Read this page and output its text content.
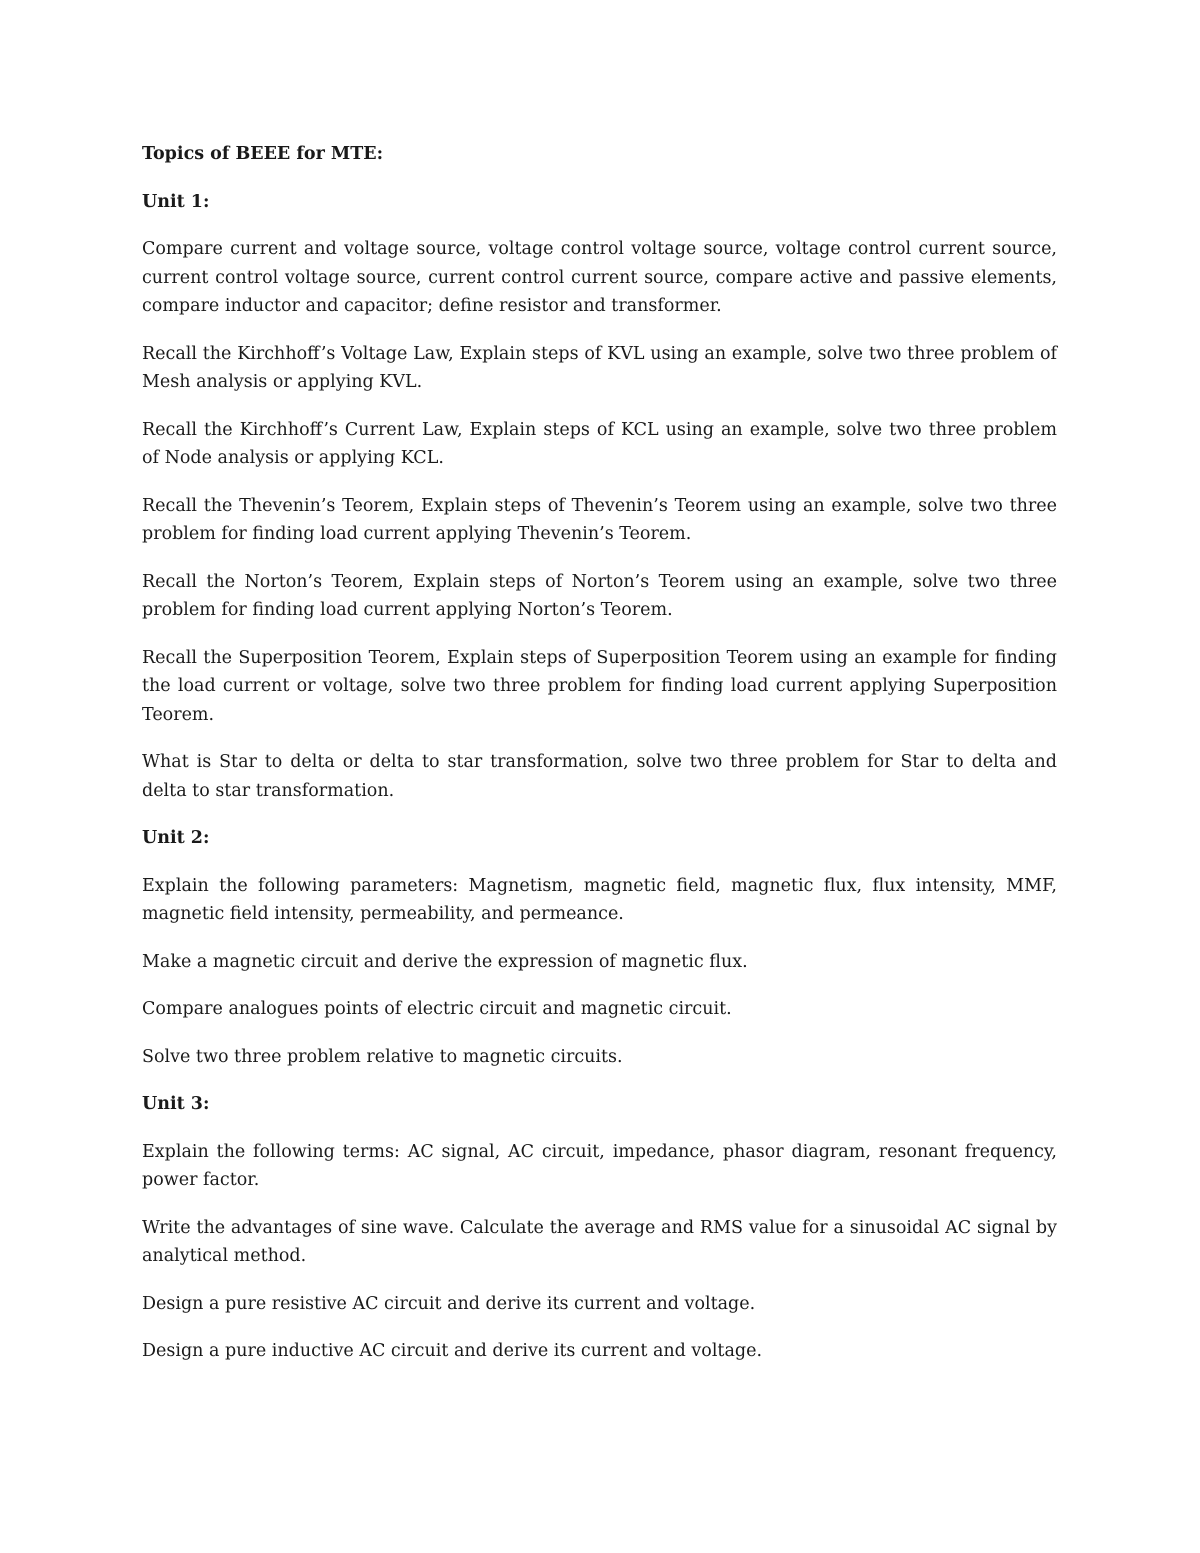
Topics of BEEE for MTE:

Unit 1:

Compare current and voltage source, voltage control voltage source, voltage control current source, current control voltage source, current control current source, compare active and passive elements, compare inductor and capacitor; define resistor and transformer.

Recall the Kirchhoff’s Voltage Law, Explain steps of KVL using an example, solve two three problem of Mesh analysis or applying KVL.

Recall the Kirchhoff’s Current Law, Explain steps of KCL using an example, solve two three problem of Node analysis or applying KCL.

Recall the Thevenin’s Teorem, Explain steps of Thevenin’s Teorem using an example, solve two three problem for finding load current applying Thevenin’s Teorem.

Recall the Norton’s Teorem, Explain steps of Norton’s Teorem using an example, solve two three problem for finding load current applying Norton’s Teorem.

Recall the Superposition Teorem, Explain steps of Superposition Teorem using an example for finding the load current or voltage, solve two three problem for finding load current applying Superposition Teorem.

What is Star to delta or delta to star transformation, solve two three problem for Star to delta and delta to star transformation.

Unit 2:

Explain the following parameters: Magnetism, magnetic field, magnetic flux, flux intensity, MMF, magnetic field intensity, permeability, and permeance.

Make a magnetic circuit and derive the expression of magnetic flux.

Compare analogues points of electric circuit and magnetic circuit.

Solve two three problem relative to magnetic circuits.

Unit 3:

Explain the following terms: AC signal, AC circuit, impedance, phasor diagram, resonant frequency, power factor.

Write the advantages of sine wave. Calculate the average and RMS value for a sinusoidal AC signal by analytical method.

Design a pure resistive AC circuit and derive its current and voltage.

Design a pure inductive AC circuit and derive its current and voltage.
